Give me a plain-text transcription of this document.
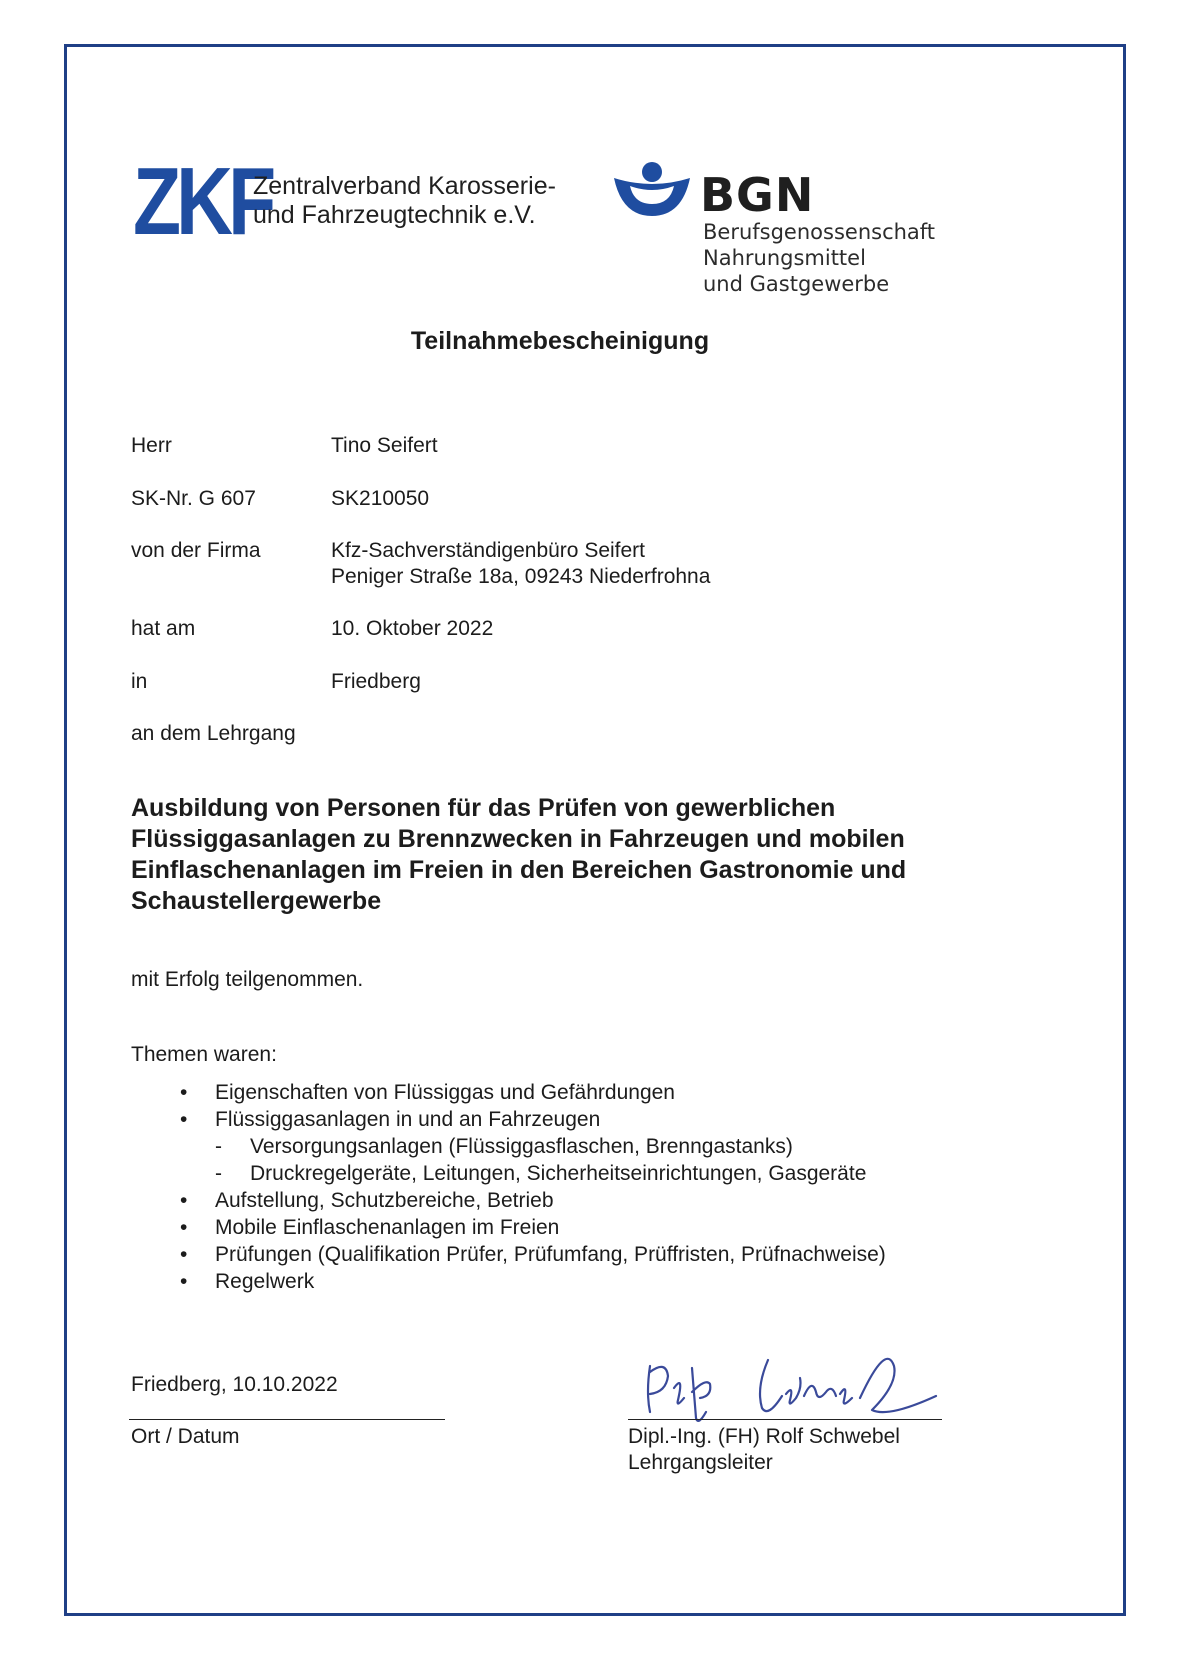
ZKF
Zentralverband Karosserie-
und Fahrzeugtechnik e.V.	BGN
Berufsgenossenschaft
Nahrungsmittel
und Gastgewerbe
Teilnahmebescheinigung
Herr	Tino Seifert
SK-Nr. G 607	SK210050
von der Firma	Kfz-Sachverständigenbüro Seifert
Peniger Straße 18a, 09243 Niederfrohna
hat am	10. Oktober 2022
in	Friedberg
an dem Lehrgang
Ausbildung von Personen für das Prüfen von gewerblichen
Flüssiggasanlagen zu Brennzwecken in Fahrzeugen und mobilen
Einflaschenanlagen im Freien in den Bereichen Gastronomie und
Schaustellergewerbe
mit Erfolg teilgenommen.
Themen waren:
• Eigenschaften von Flüssiggas und Gefährdungen
• Flüssiggasanlagen in und an Fahrzeugen
- Versorgungsanlagen (Flüssiggasflaschen, Brenngastanks)
- Druckregelgeräte, Leitungen, Sicherheitseinrichtungen, Gasgeräte
• Aufstellung, Schutzbereiche, Betrieb
• Mobile Einflaschenanlagen im Freien
• Prüfungen (Qualifikation Prüfer, Prüfumfang, Prüffristen, Prüfnachweise)
• Regelwerk
Friedberg, 10.10.2022
Ort / Datum	Dipl.-Ing. (FH) Rolf Schwebel
Lehrgangsleiter
